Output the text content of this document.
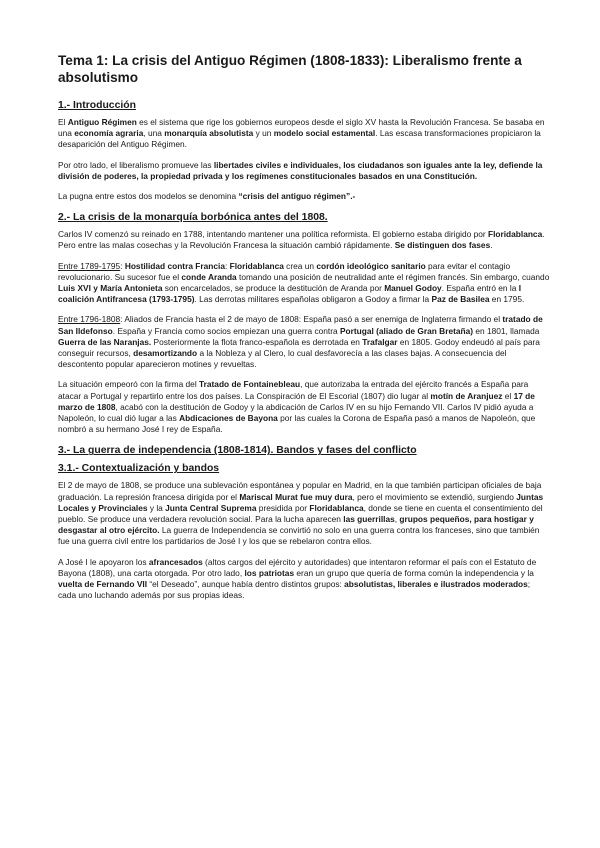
Tema 1: La crisis del Antiguo Régimen (1808-1833): Liberalismo frente a absolutismo
1.- Introducción
El Antiguo Régimen es el sistema que rige los gobiernos europeos desde el siglo XV hasta la Revolución Francesa. Se basaba en una economía agraria, una monarquía absolutista y un modelo social estamental. Las escasa transformaciones propiciaron la desaparición del Antiguo Régimen.
Por otro lado, el liberalismo promueve las libertades civiles e individuales, los ciudadanos son iguales ante la ley, defiende la división de poderes, la propiedad privada y los regímenes constitucionales basados en una Constitución.
La pugna entre estos dos modelos se denomina “crisis del antiguo régimen”.-
2.- La crisis de la monarquía borbónica antes del 1808.
Carlos IV comenzó su reinado en 1788, intentando mantener una política reformista. El gobierno estaba dirigido por Floridablanca. Pero entre las malas cosechas y la Revolución Francesa la situación cambió rápidamente. Se distinguen dos fases.
Entre 1789-1795: Hostilidad contra Francia: Floridablanca crea un cordón ideológico sanitario para evitar el contagio revolucionario. Su sucesor fue el conde Aranda tomando una posición de neutralidad ante el régimen francés. Sin embargo, cuando Luis XVI y María Antonieta son encarcelados, se produce la destitución de Aranda por Manuel Godoy. España entró en la I coalición Antifrancesa (1793-1795). Las derrotas militares españolas obligaron a Godoy a firmar la Paz de Basilea en 1795.
Entre 1796-1808: Aliados de Francia hasta el 2 de mayo de 1808: España pasó a ser enemiga de Inglaterra firmando el tratado de San Ildefonso. España y Francia como socios empiezan una guerra contra Portugal (aliado de Gran Bretaña) en 1801, llamada Guerra de las Naranjas. Posteriormente la flota franco-española es derrotada en Trafalgar en 1805. Godoy endeudó al país para conseguir recursos, desamortizando a la Nobleza y al Clero, lo cual desfavorecía a las clases bajas. A consecuencia del descontento popular aparecieron motines y revueltas.
La situación empeoró con la firma del Tratado de Fontainebleau, que autorizaba la entrada del ejército francés a España para atacar a Portugal y repartirlo entre los dos países. La Conspiración de El Escorial (1807) dio lugar al motín de Aranjuez el 17 de marzo de 1808, acabó con la destitución de Godoy y la abdicación de Carlos IV en su hijo Fernando VII. Carlos IV pidió ayuda a Napoleón, lo cual dió lugar a las Abdicaciones de Bayona por las cuales la Corona de España pasó a manos de Napoleón, que nombró a su hermano José I rey de España.
3.- La guerra de independencia (1808-1814). Bandos y fases del conflicto
3.1.- Contextualización y bandos
El 2 de mayo de 1808, se produce una sublevación espontánea y popular en Madrid, en la que también participan oficiales de baja graduación. La represión francesa dirigida por el Mariscal Murat fue muy dura, pero el movimiento se extendió, surgiendo Juntas Locales y Provinciales y la Junta Central Suprema presidida por Floridablanca, donde se tiene en cuenta el consentimiento del pueblo. Se produce una verdadera revolución social. Para la lucha aparecen las guerrillas, grupos pequeños, para hostigar y desgastar al otro ejército. La guerra de Independencia se convirtió no solo en una guerra contra los franceses, sino que también fue una guerra civil entre los partidarios de José I y los que se rebelaron contra ellos.
A José I le apoyaron los afrancesados (altos cargos del ejército y autoridades) que intentaron reformar el país con el Estatuto de Bayona (1808), una carta otorgada. Por otro lado, los patriotas eran un grupo que quería de forma común la independencia y la vuelta de Fernando VII “el Deseado”, aunque había dentro distintos grupos: absolutistas, liberales e ilustrados moderados; cada uno luchando además por sus propias ideas.
